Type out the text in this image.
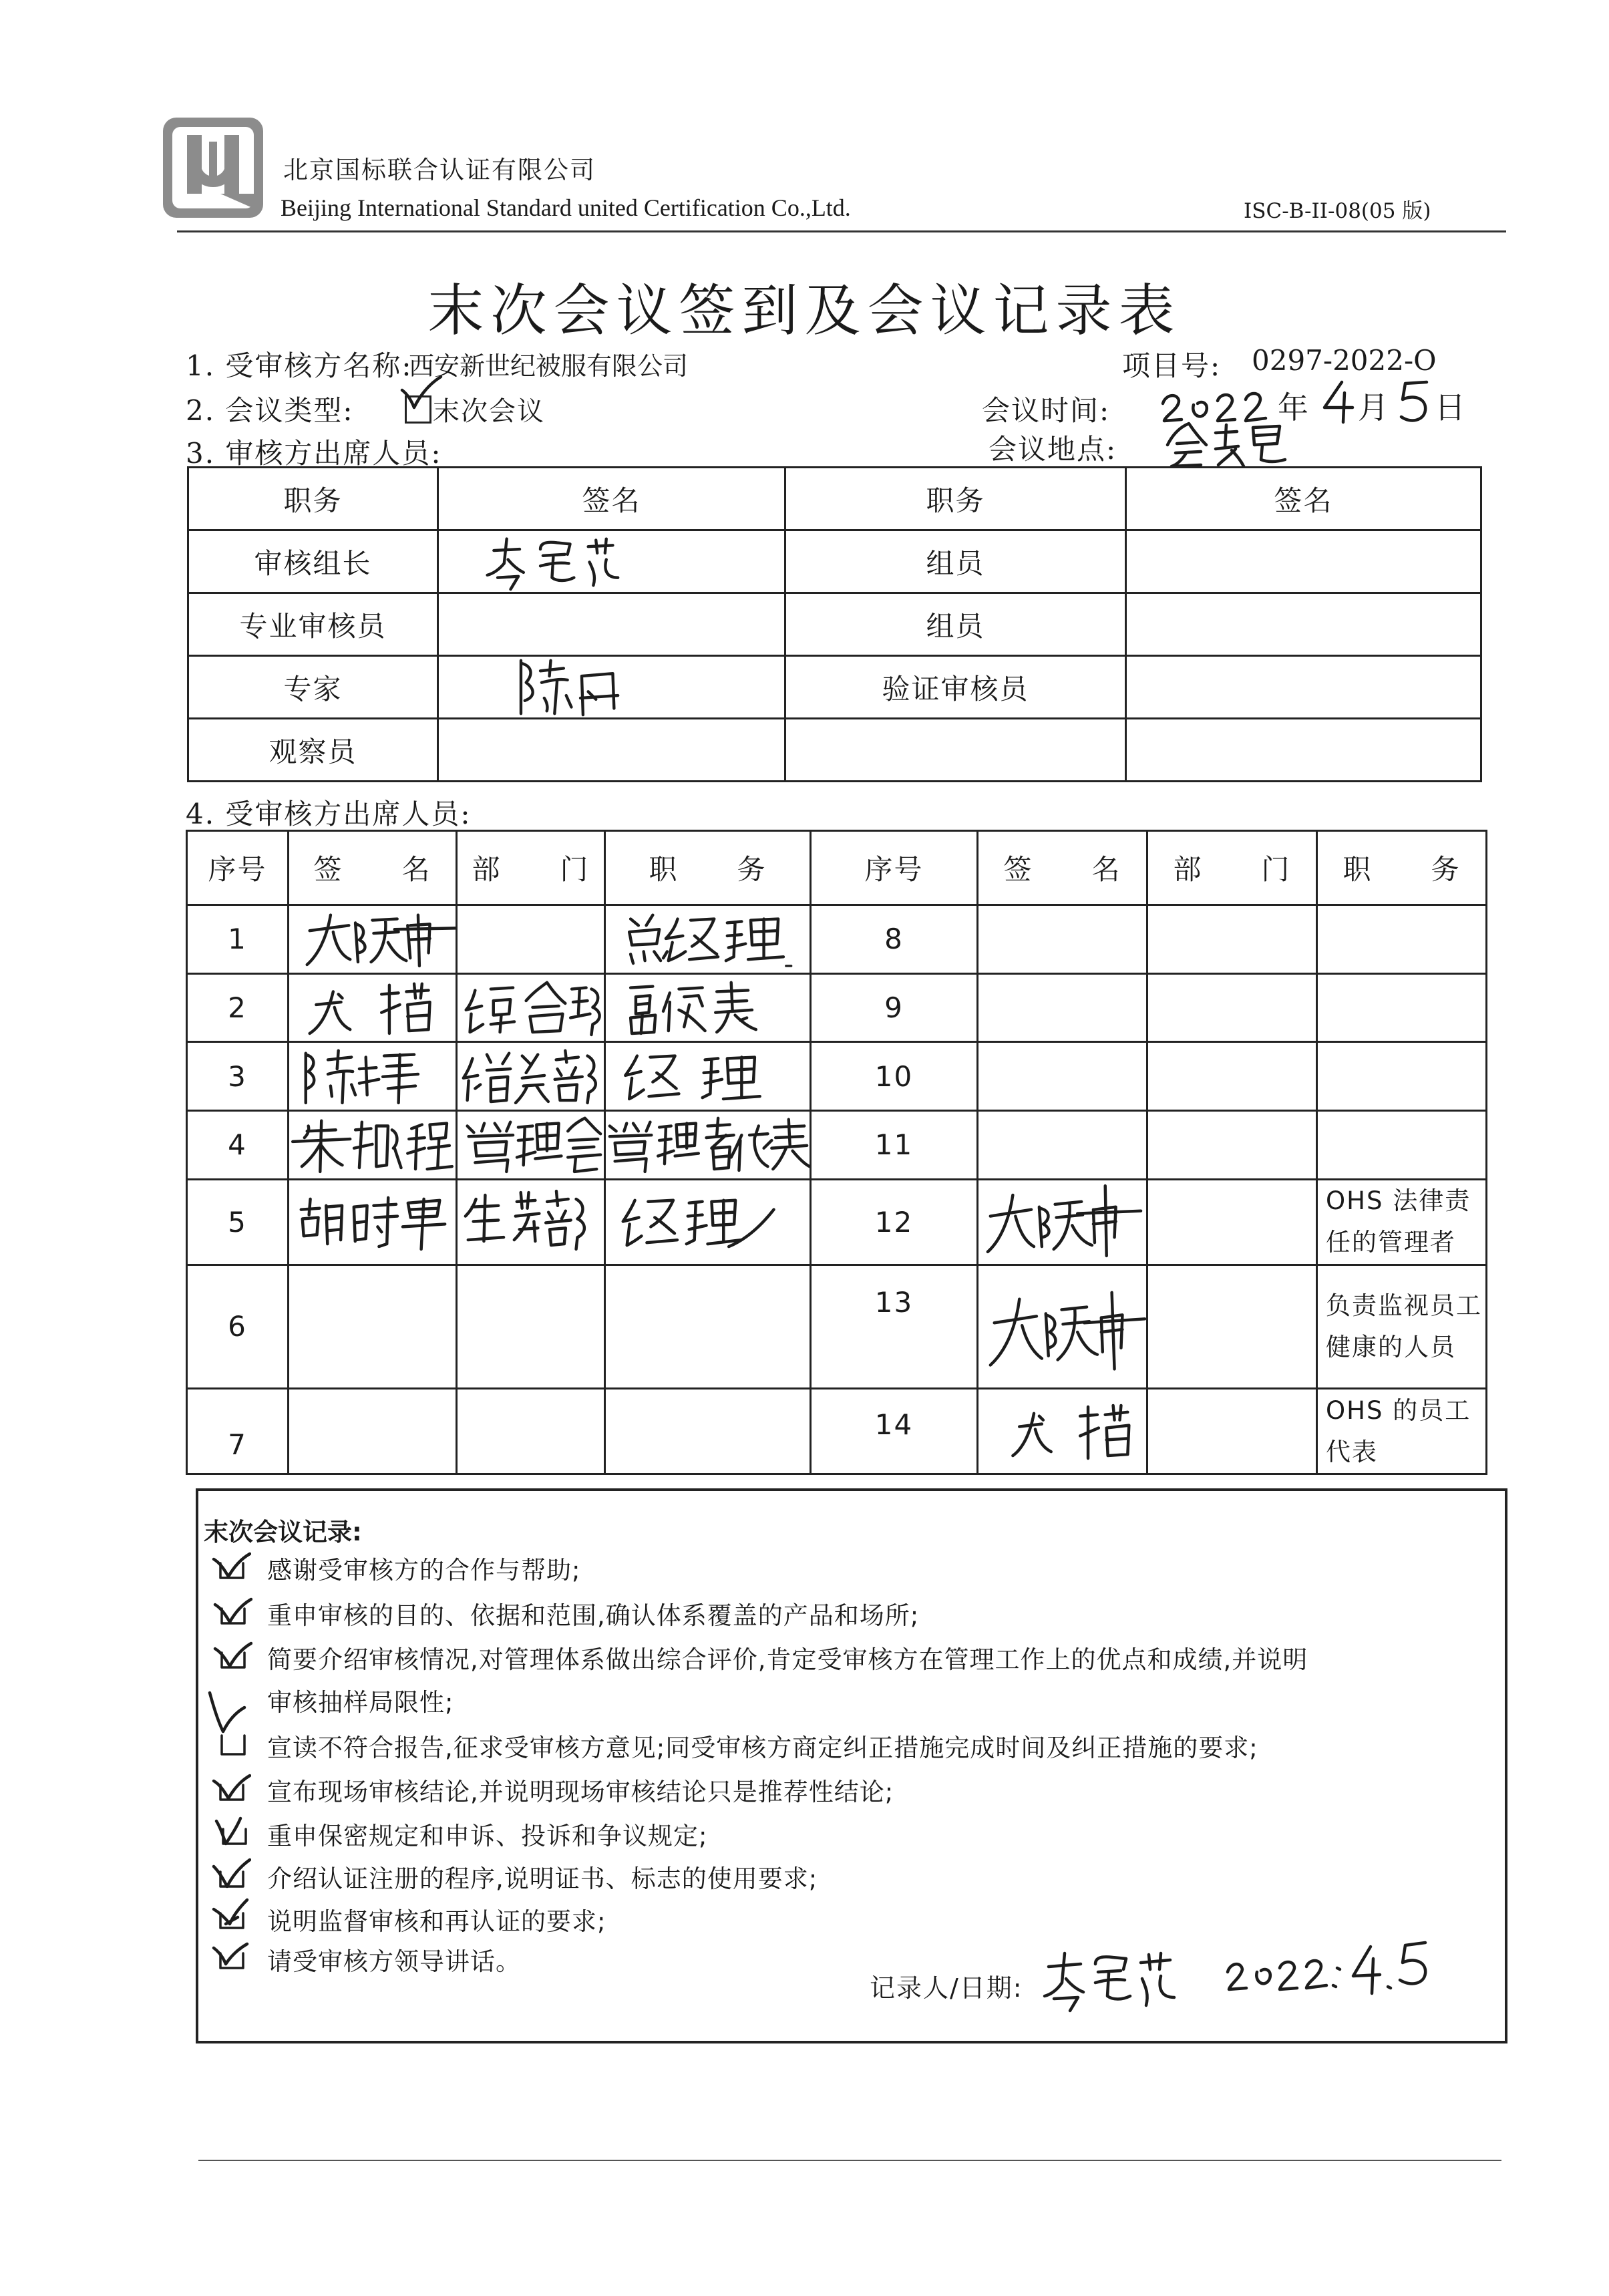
北京国标联合认证有限公司
Beijing International Standard united Certification Co.,Ltd.	ISC-B-II-08(05 版)
末次会议签到及会议记录表
1. 受审核方名称:
西安新世纪被服有限公司	项目号: 0297-2022-O
2. 会议类型:	末次会议	会议时间:	年 月 日
3. 审核方出席人员:	会议地点:
职务	签名	职务	签名
审核组长		组员	
专业审核员		组员	
专家		验证审核员	
观察员			
4. 受审核方出席人员:
序号	签　　名	部　　门	职　　务	序号	签　　名	部　　门	职　　务
1				8			
2				9			
3				10			
4				11			
5				12			OHS 法律责任的管理者
6				13			负责监视员工健康的人员
7				14			OHS 的员工代表
末次会议记录:
感谢受审核方的合作与帮助;
重申审核的目的、依据和范围,确认体系覆盖的产品和场所;
简要介绍审核情况,对管理体系做出综合评价,肯定受审核方在管理工作上的优点和成绩,并说明
审核抽样局限性;
宣读不符合报告,征求受审核方意见;同受审核方商定纠正措施完成时间及纠正措施的要求;
宣布现场审核结论,并说明现场审核结论只是推荐性结论;
重申保密规定和申诉、投诉和争议规定;
介绍认证注册的程序,说明证书、标志的使用要求;
说明监督审核和再认证的要求;
请受审核方领导讲话。
记录人/日期:
